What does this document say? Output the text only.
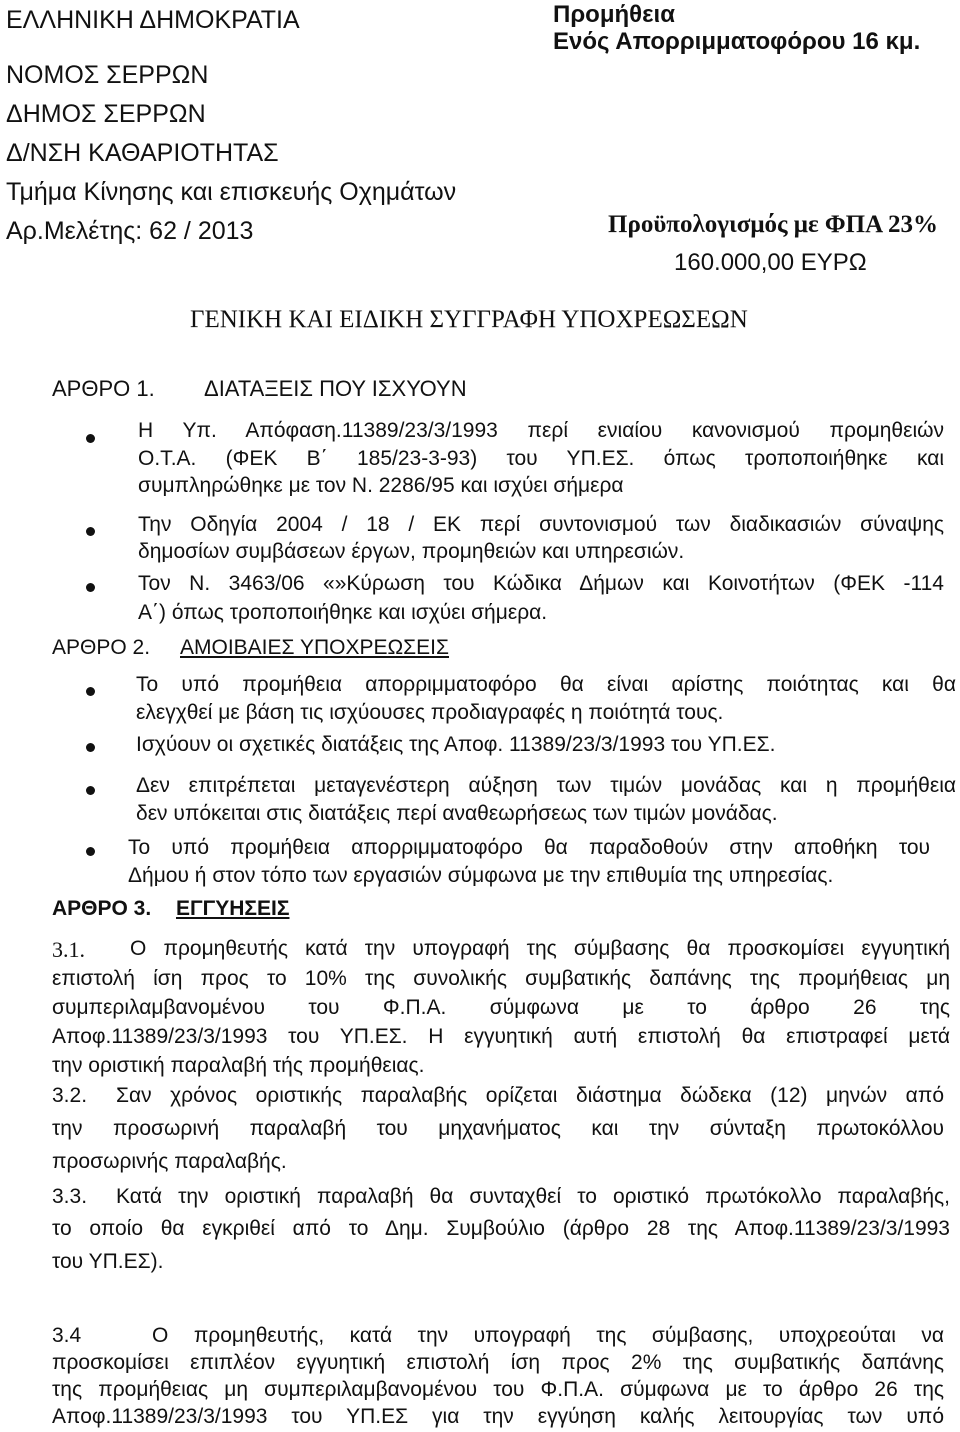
ΕΛΛΗΝΙΚΗ ΔΗΜΟΚΡΑΤΙΑ
ΝΟΜΟΣ ΣΕΡΡΩΝ
ΔΗΜΟΣ ΣΕΡΡΩΝ
Δ/ΝΣΗ ΚΑΘΑΡΙΟΤΗΤΑΣ
Τμήμα Κίνησης και επισκευής Οχημάτων
Αρ.Μελέτης: 62 / 2013
Προμήθεια
Ενός Απορριμματοφόρου 16 κμ.
Προϋπολογισμός με ΦΠΑ 23%
160.000,00 ΕΥΡΩ
ΓΕΝΙΚΗ ΚΑΙ ΕΙΔΙΚΗ ΣΥΓΓΡΑΦΗ ΥΠΟΧΡΕΩΣΕΩΝ
ΑΡΘΡΟ 1. ΔΙΑΤΑΞΕΙΣ ΠΟΥ ΙΣΧΥΟΥΝ
Η Υπ. Απόφαση.11389/23/3/1993 περί ενιαίου κανονισμού προμηθειών
Ο.Τ.Α. (ΦΕΚ Β΄ 185/23-3-93) του ΥΠ.ΕΣ. όπως τροποποιήθηκε και
συμπληρώθηκε με τον Ν. 2286/95 και ισχύει σήμερα
Την Οδηγία 2004 / 18 / ΕΚ περί συντονισμού των διαδικασιών σύναψης
δημοσίων συμβάσεων έργων, προμηθειών και υπηρεσιών.
Τον Ν. 3463/06 «»Κύρωση του Κώδικα Δήμων και Κοινοτήτων (ΦΕΚ -114
Α΄) όπως τροποποιήθηκε και ισχύει σήμερα.
ΑΡΘΡΟ 2. ΑΜΟΙΒΑΙΕΣ ΥΠΟΧΡΕΩΣΕΙΣ
Το υπό προμήθεια απορριμματοφόρο θα είναι αρίστης ποιότητας και θα
ελεγχθεί με βάση τις ισχύουσες προδιαγραφές η ποιότητά τους.
Ισχύουν οι σχετικές διατάξεις της Αποφ. 11389/23/3/1993 του ΥΠ.ΕΣ.
Δεν επιτρέπεται μεταγενέστερη αύξηση των τιμών μονάδας και η προμήθεια
δεν υπόκειται στις διατάξεις περί αναθεωρήσεως των τιμών μονάδας.
Το υπό προμήθεια απορριμματοφόρο θα παραδοθούν στην αποθήκη του
Δήμου ή στον τόπο των εργασιών σύμφωνα με την επιθυμία της υπηρεσίας.
ΑΡΘΡΟ 3. ΕΓΓΥΗΣΕΙΣ
3.1. Ο προμηθευτής κατά την υπογραφή της σύμβασης θα προσκομίσει εγγυητική
επιστολή ίση προς το 10% της συνολικής συμβατικής δαπάνης της προμήθειας μη
συμπεριλαμβανομένου του Φ.Π.Α. σύμφωνα με το άρθρο 26 της
Αποφ.11389/23/3/1993 του ΥΠ.ΕΣ. Η εγγυητική αυτή επιστολή θα επιστραφεί μετά
την οριστική παραλαβή τής προμήθειας.
3.2. Σαν χρόνος οριστικής παραλαβής ορίζεται διάστημα δώδεκα (12) μηνών από
την προσωρινή παραλαβή του μηχανήματος και την σύνταξη πρωτοκόλλου
προσωρινής παραλαβής.
3.3. Κατά την οριστική παραλαβή θα συνταχθεί το οριστικό πρωτόκολλο παραλαβής,
το οποίο θα εγκριθεί από το Δημ. Συμβούλιο (άρθρο 28 της Αποφ.11389/23/3/1993
του ΥΠ.ΕΣ).
3.4	Ο προμηθευτής, κατά την υπογραφή της σύμβασης, υποχρεούται να
προσκομίσει επιπλέον εγγυητική επιστολή ίση προς 2% της συμβατικής δαπάνης
της προμήθειας μη συμπεριλαμβανομένου του Φ.Π.Α. σύμφωνα με το άρθρο 26 της
Αποφ.11389/23/3/1993 του ΥΠ.ΕΣ για την εγγύηση καλής λειτουργίας των υπό
